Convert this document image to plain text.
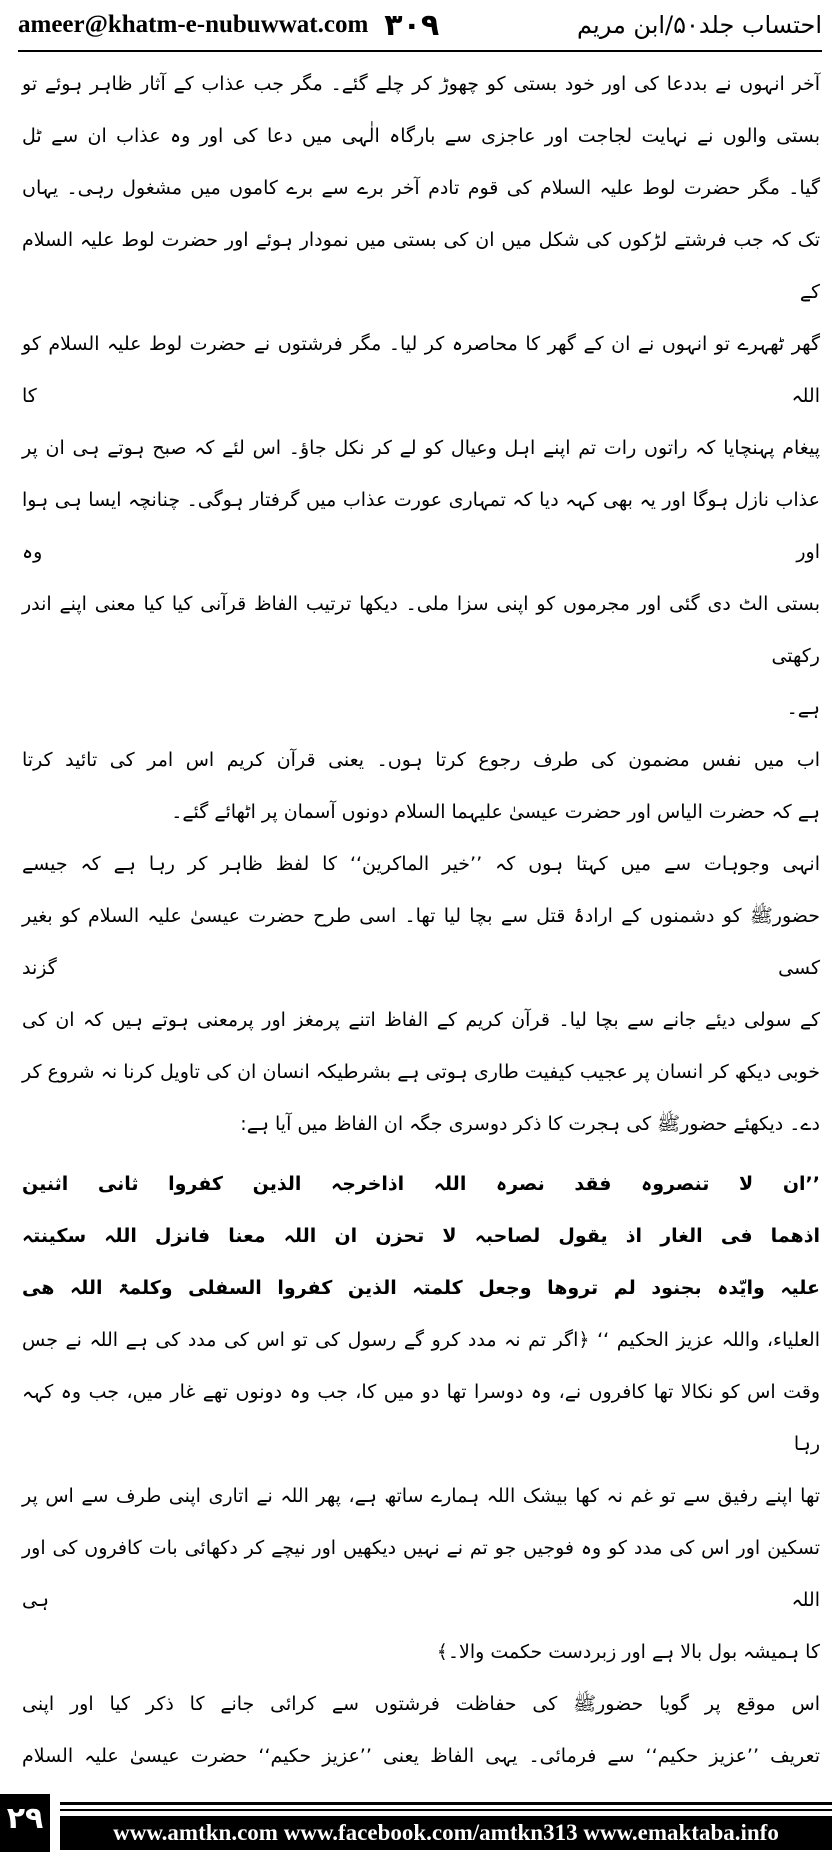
ameer@khatm-e-nubuwwat.com ۳۰۹	احتساب جلد۵۰/ابن مریم
آخر انہوں نے بددعا کی اور خود بستی کو چھوڑ کر چلے گئے۔ مگر جب عذاب کے آثار ظاہر ہوئے تو
بستی والوں نے نہایت لجاجت اور عاجزی سے بارگاہ الٰہی میں دعا کی اور وہ عذاب ان سے ٹل
گیا۔ مگر حضرت لوط علیہ السلام کی قوم تادم آخر برے سے برے کاموں میں مشغول رہی۔ یہاں
تک کہ جب فرشتے لڑکوں کی شکل میں ان کی بستی میں نمودار ہوئے اور حضرت لوط علیہ السلام کے
گھر ٹھہرے تو انہوں نے ان کے گھر کا محاصرہ کر لیا۔ مگر فرشتوں نے حضرت لوط علیہ السلام کو اللہ کا
پیغام پہنچایا کہ راتوں رات تم اپنے اہل وعیال کو لے کر نکل جاؤ۔ اس لئے کہ صبح ہوتے ہی ان پر
عذاب نازل ہوگا اور یہ بھی کہہ دیا کہ تمہاری عورت عذاب میں گرفتار ہوگی۔ چنانچہ ایسا ہی ہوا اور وہ
بستی الٹ دی گئی اور مجرموں کو اپنی سزا ملی۔ دیکھا ترتیب الفاظ قرآنی کیا کیا معنی اپنے اندر رکھتی
ہے۔
اب میں نفس مضمون کی طرف رجوع کرتا ہوں۔ یعنی قرآن کریم اس امر کی تائید کرتا
ہے کہ حضرت الیاس اور حضرت عیسیٰ علیہما السلام دونوں آسمان پر اٹھائے گئے۔
انہی وجوہات سے میں کہتا ہوں کہ ’’خیر الماکرین‘‘ کا لفظ ظاہر کر رہا ہے کہ جیسے
حضورﷺ کو دشمنوں کے ارادۂ قتل سے بچا لیا تھا۔ اسی طرح حضرت عیسیٰ علیہ السلام کو بغیر کسی گزند
کے سولی دیئے جانے سے بچا لیا۔ قرآن کریم کے الفاظ اتنے پرمغز اور پرمعنی ہوتے ہیں کہ ان کی
خوبی دیکھ کر انسان پر عجیب کیفیت طاری ہوتی ہے بشرطیکہ انسان ان کی تاویل کرنا نہ شروع کر
دے۔ دیکھئے حضورﷺ کی ہجرت کا ذکر دوسری جگہ ان الفاظ میں آیا ہے:
’’ان لا تنصروہ فقد نصرہ اللہ اذاخرجہ الذین کفروا ثانی اثنین
اذھما فی الغار اذ یقول لصاحبہ لا تحزن ان اللہ معنا فانزل اللہ سکینتہ
علیہ وایّدہ بجنود لم تروھا وجعل کلمتہ الذین کفروا السفلی وکلمۃ اللہ ھی
العلیاء، واللہ عزیز الحکیم ‘‘ ﴿اگر تم نہ مدد کرو گے رسول کی تو اس کی مدد کی ہے اللہ نے جس
وقت اس کو نکالا تھا کافروں نے، وہ دوسرا تھا دو میں کا، جب وہ دونوں تھے غار میں، جب وہ کہہ رہا
تھا اپنے رفیق سے تو غم نہ کھا بیشک اللہ ہمارے ساتھ ہے، پھر اللہ نے اتاری اپنی طرف سے اس پر
تسکین اور اس کی مدد کو وہ فوجیں جو تم نے نہیں دیکھیں اور نیچے کر دکھائی بات کافروں کی اور اللہ ہی
کا ہمیشہ بول بالا ہے اور زبردست حکمت والا۔﴾
اس موقع پر گویا حضورﷺ کی حفاظت فرشتوں سے کرائی جانے کا ذکر کیا اور اپنی
تعریف ’’عزیز حکیم‘‘ سے فرمائی۔ یہی الفاظ یعنی ’’عزیز حکیم‘‘ حضرت عیسیٰ علیہ السلام
۲۹	www.amtkn.com www.facebook.com/amtkn313 www.emaktaba.info
